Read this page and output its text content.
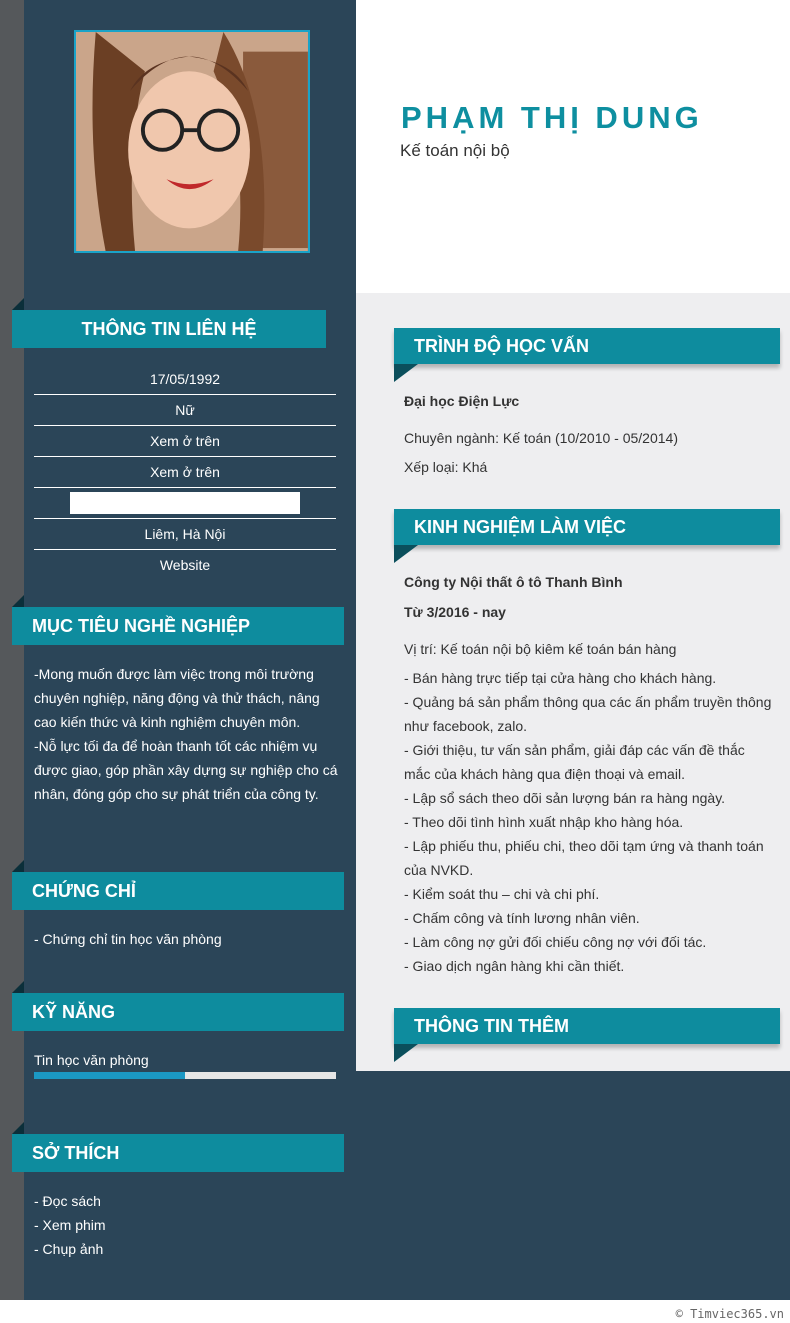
PHẠM THỊ DUNG
Kế toán nội bộ
THÔNG TIN LIÊN HỆ
17/05/1992
Nữ
Xem ở trên
Xem ở trên
Liêm, Hà Nội
Website
MỤC TIÊU NGHỀ NGHIỆP
-Mong muốn được làm việc trong môi trường
chuyên nghiệp, năng động và thử thách, nâng
cao kiến thức và kinh nghiệm chuyên môn.
-Nỗ lực tối đa để hoàn thanh tốt các nhiệm vụ
được giao, góp phần xây dựng sự nghiệp cho cá
nhân, đóng góp cho sự phát triển của công ty.
CHỨNG CHỈ
- Chứng chỉ tin học văn phòng
KỸ NĂNG
Tin học văn phòng
SỞ THÍCH
- Đọc sách
- Xem phim
- Chụp ảnh
TRÌNH ĐỘ HỌC VẤN
Đại học Điện Lực
Chuyên ngành: Kế toán (10/2010 - 05/2014)
Xếp loại: Khá
KINH NGHIỆM LÀM VIỆC
Công ty Nội thất ô tô Thanh Bình
Từ 3/2016 - nay
Vị trí: Kế toán nội bộ kiêm kế toán bán hàng
- Bán hàng trực tiếp tại cửa hàng cho khách hàng.
- Quảng bá sản phẩm thông qua các ấn phẩm truyền thông
như facebook, zalo.
- Giới thiệu, tư vấn sản phẩm, giải đáp các vấn đề thắc
mắc của khách hàng qua điện thoại và email.
- Lập sổ sách theo dõi sản lượng bán ra hàng ngày.
- Theo dõi tình hình xuất nhập kho hàng hóa.
- Lập phiếu thu, phiếu chi, theo dõi tạm ứng và thanh toán
của NVKD.
- Kiểm soát thu – chi và chi phí.
- Chấm công và tính lương nhân viên.
- Làm công nợ gửi đối chiếu công nợ với đối tác.
- Giao dịch ngân hàng khi cần thiết.
THÔNG TIN THÊM
© Timviec365.vn
